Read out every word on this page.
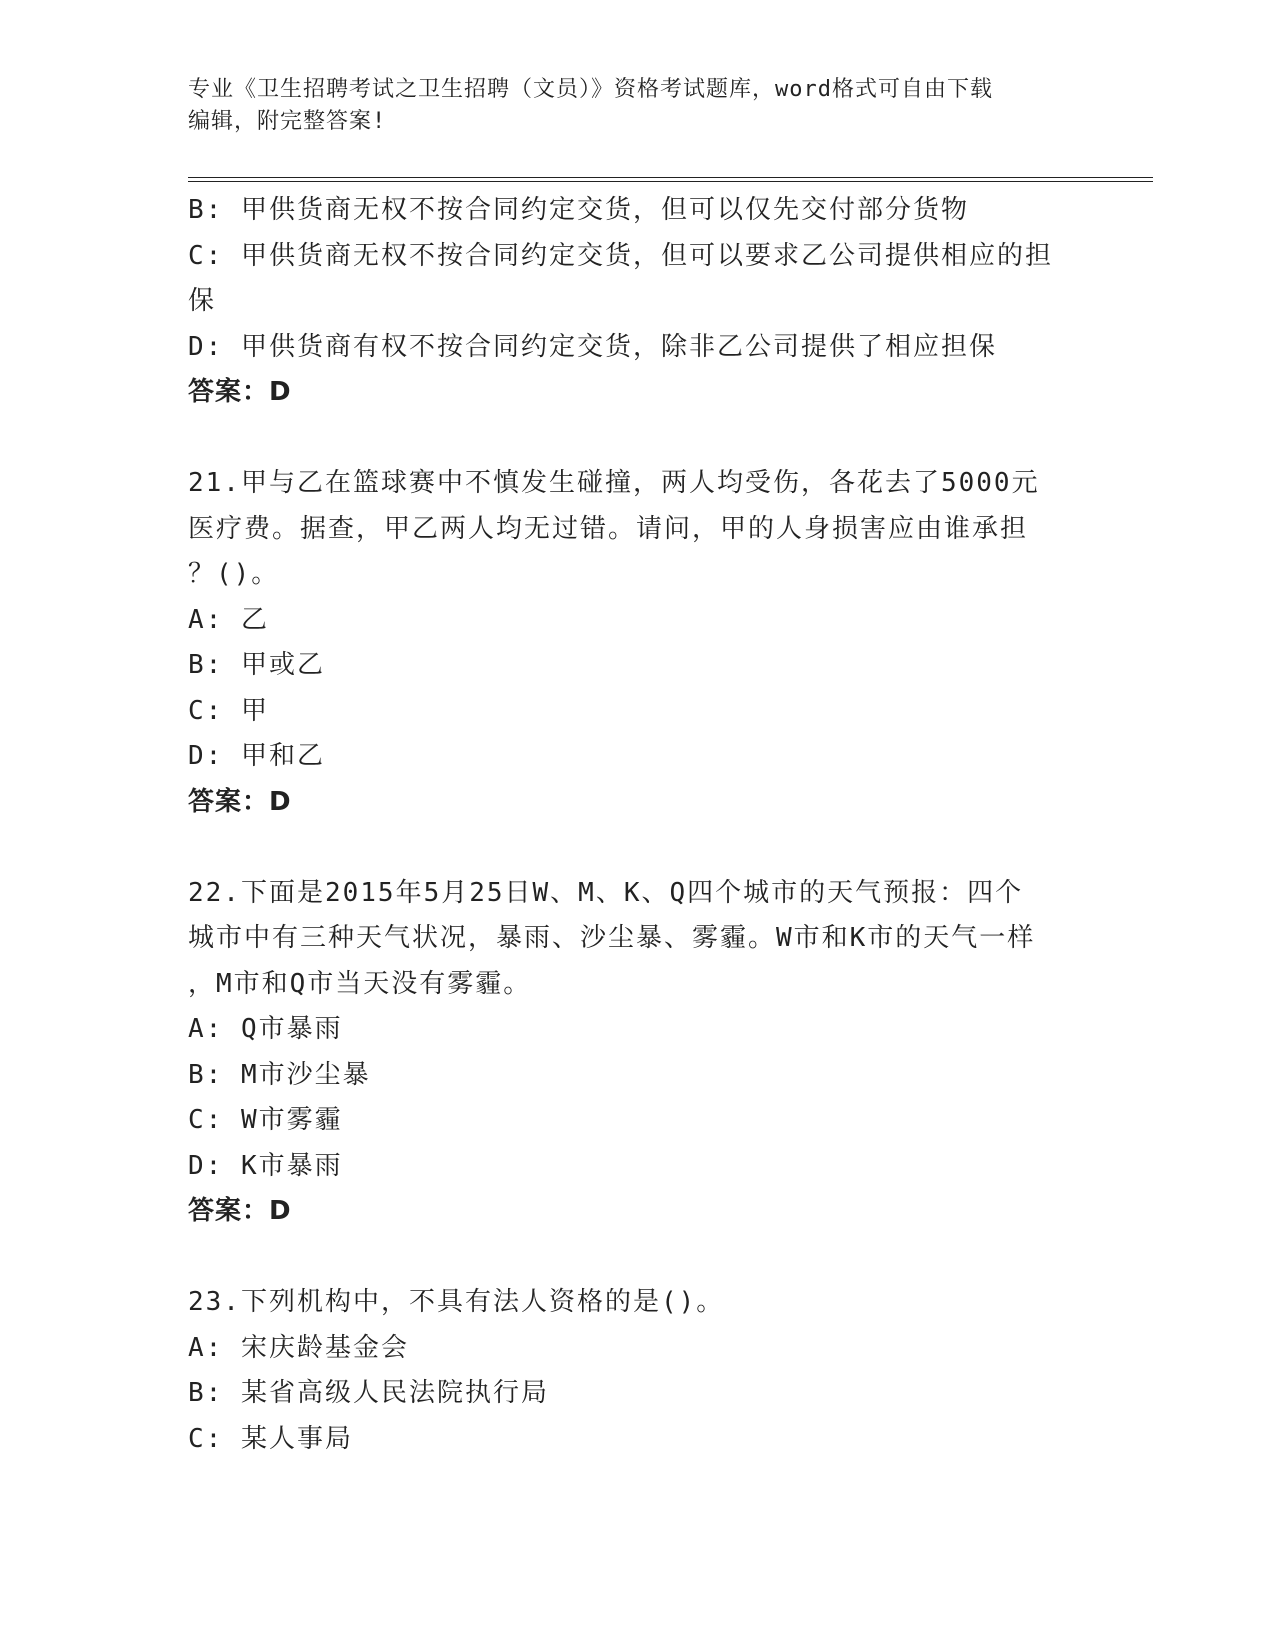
专业《卫生招聘考试之卫生招聘（文员）》资格考试题库，word格式可自由下载
编辑，附完整答案!
B: 甲供货商无权不按合同约定交货，但可以仅先交付部分货物
C: 甲供货商无权不按合同约定交货，但可以要求乙公司提供相应的担
保
D: 甲供货商有权不按合同约定交货，除非乙公司提供了相应担保
答案：D
21.甲与乙在篮球赛中不慎发生碰撞，两人均受伤，各花去了5000元
医疗费。据查，甲乙两人均无过错。请问，甲的人身损害应由谁承担
？()。
A: 乙
B: 甲或乙
C: 甲
D: 甲和乙
答案：D
22.下面是2015年5月25日W、M、K、Q四个城市的天气预报：四个
城市中有三种天气状况，暴雨、沙尘暴、雾霾。W市和K市的天气一样
，M市和Q市当天没有雾霾。
A: Q市暴雨
B: M市沙尘暴
C: W市雾霾
D: K市暴雨
答案：D
23.下列机构中，不具有法人资格的是()。
A: 宋庆龄基金会
B: 某省高级人民法院执行局
C: 某人事局
